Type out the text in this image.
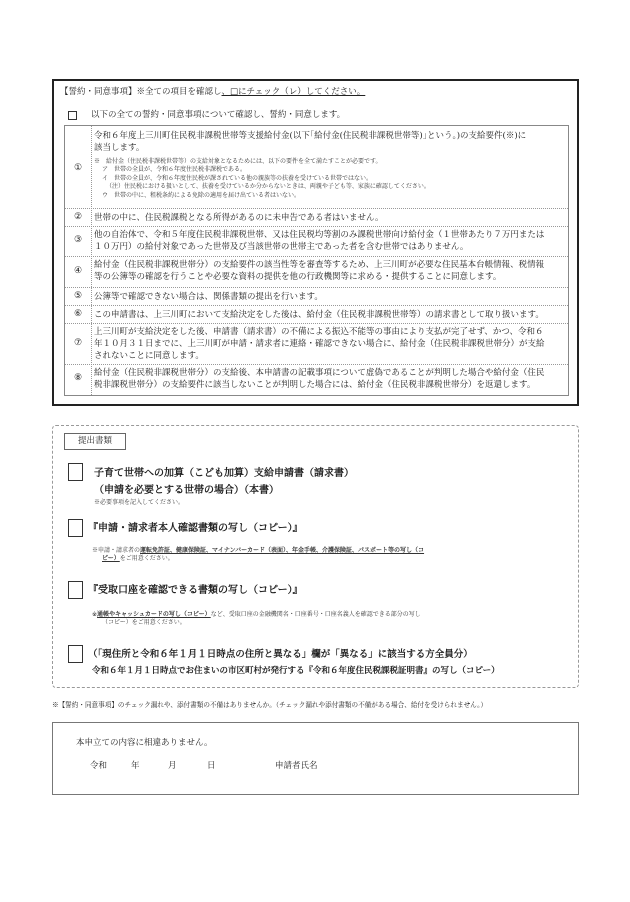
【誓約・同意事項】※全ての項目を確認し、□にチェック（レ）してください。
以下の全ての誓約・同意事項について確認し、誓約・同意します。
①
令和６年度上三川町住民税非課税世帯等支援給付金(以下｢給付金(住民税非課税世帯等)｣という。)の支給要件(※)に
該当します。
※　給付金（住民税非課税世帯等）の支給対象となるためには、以下の要件を全て満たすことが必要です。
ア　世帯の全員が、令和６年度住民税非課税である。
イ　世帯の全員が、令和６年度住民税が課されている他の親族等の扶養を受けている世帯ではない。
（注）住民税における扱いとして、扶養を受けているか分からないときは、両親や子ども等、家族に確認してください。
ウ　世帯の中に、租税条約による免除の適用を届け出ている者はいない。
②	世帯の中に、住民税課税となる所得があるのに未申告である者はいません。
③	他の自治体で、令和５年度住民税非課税世帯、又は住民税均等割のみ課税世帯向け給付金（１世帯あたり７万円または
１０万円）の給付対象であった世帯及び当該世帯の世帯主であった者を含む世帯ではありません。
④
給付金（住民税非課税世帯分）の支給要件の該当性等を審査等するため、上三川町が必要な住民基本台帳情報、税情報
等の公簿等の確認を行うことや必要な資料の提供を他の行政機関等に求める・提供することに同意します。
⑤	公簿等で確認できない場合は、関係書類の提出を行います。
⑥	この申請書は、上三川町において支給決定をした後は、給付金（住民税非課税世帯等）の請求書として取り扱います。
⑦
上三川町が支給決定をした後、申請書（請求書）の不備による振込不能等の事由により支払が完了せず、かつ、令和６
年１０月３１日までに、上三川町が申請・請求者に連絡・確認できない場合に、給付金（住民税非課税世帯分）が支給
されないことに同意します。
⑧	給付金（住民税非課税世帯分）の支給後、本申請書の記載事項について虚偽であることが判明した場合や給付金（住民
税非課税世帯分）の支給要件に該当しないことが判明した場合には、給付金（住民税非課税世帯分）を返還します。
提出書類
子育て世帯への加算（こども加算）支給申請書（請求書）
（申請を必要とする世帯の場合）（本書）
※必要事項を記入してください。
『申請・請求者本人確認書類の写し（コピー）』
※申請・請求者の運転免許証、健康保険証、マイナンバーカード（表面）、年金手帳、介護保険証、パスポート等の写し（コ
ピー）をご用意ください。
『受取口座を確認できる書類の写し（コピー）』
※通帳やキャッシュカードの写し（コピー）など、受取口座の金融機関名・口座番号・口座名義人を確認できる部分の写し
（コピー）をご用意ください。
（「現住所と令和６年１月１日時点の住所と異なる」欄が「異なる」に該当する方全員分）
令和６年１月１日時点でお住まいの市区町村が発行する『令和６年度住民税課税証明書』の写し（コピー）
※【誓約・同意事項】のチェック漏れや、添付書類の不備はありませんか。（チェック漏れや添付書類の不備がある場合、給付を受けられません。）
本申立ての内容に相違ありません。
令和	年	月	日	申請者氏名
